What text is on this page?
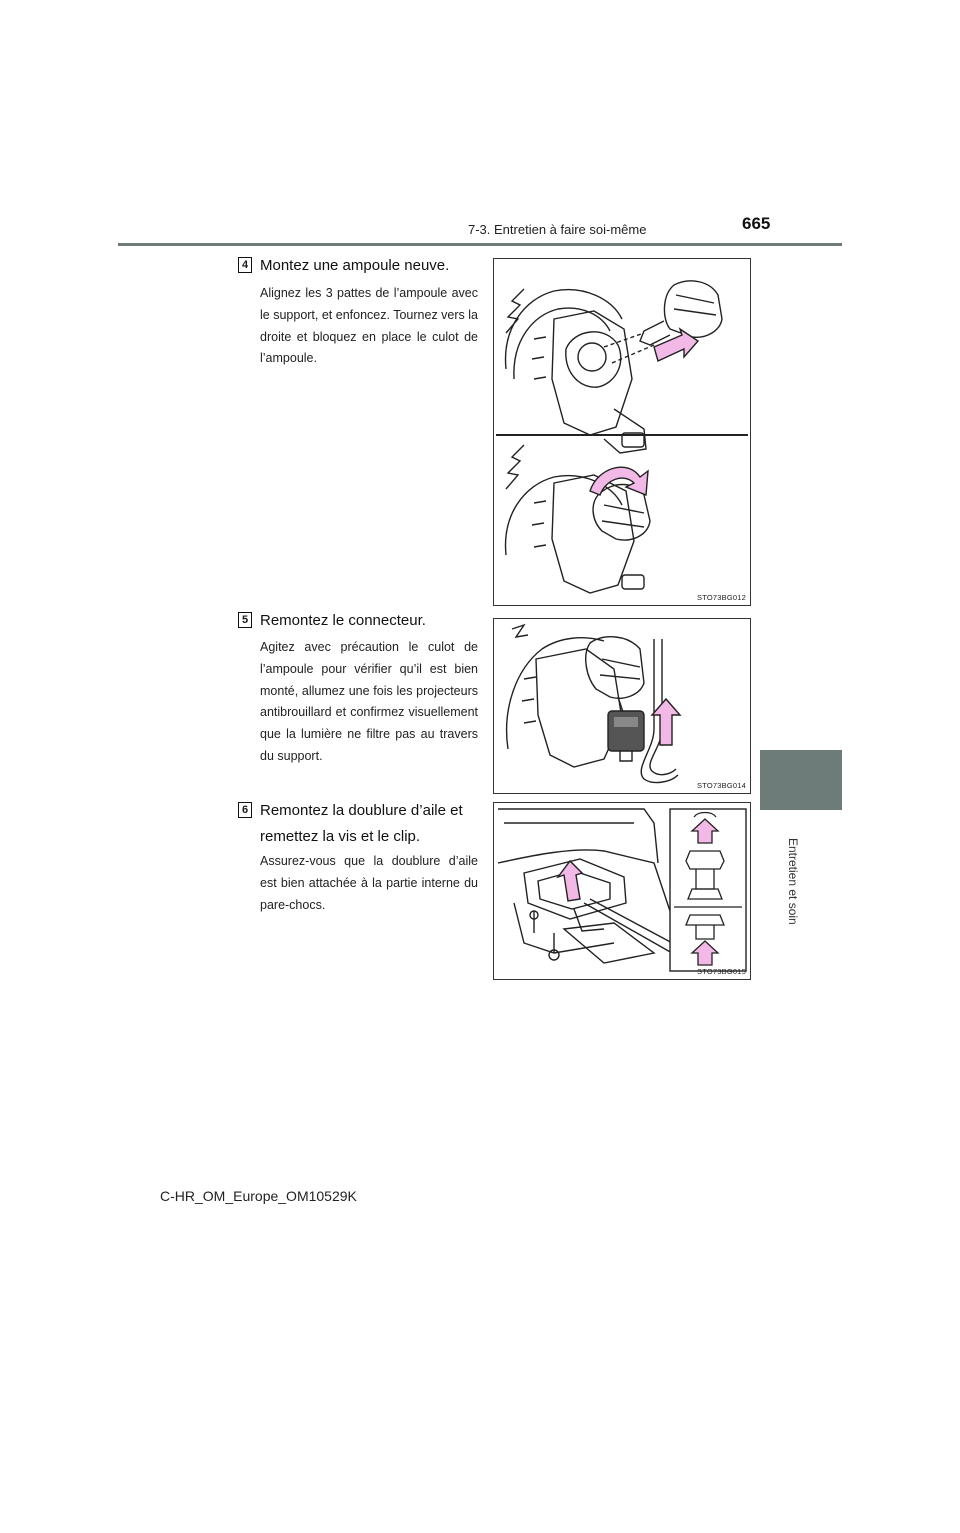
7-3. Entretien à faire soi-même	665
7
Entretien et soin
4 Montez une ampoule neuve.
Alignez les 3 pattes de l’ampoule avec le support, et enfoncez. Tournez vers la droite et bloquez en place le culot de l’ampoule.
STO73BG012
5 Remontez le connecteur.
Agitez avec précaution le culot de l’ampoule pour vérifier qu’il est bien monté, allumez une fois les projecteurs antibrouillard et confirmez visuellement que la lumière ne filtre pas au travers du support.
STO73BG014
6 Remontez la doublure d’aile et remettez la vis et le clip.
Assurez-vous que la doublure d’aile est bien attachée à la partie interne du pare-chocs.
STO73BG015
C-HR_OM_Europe_OM10529K
